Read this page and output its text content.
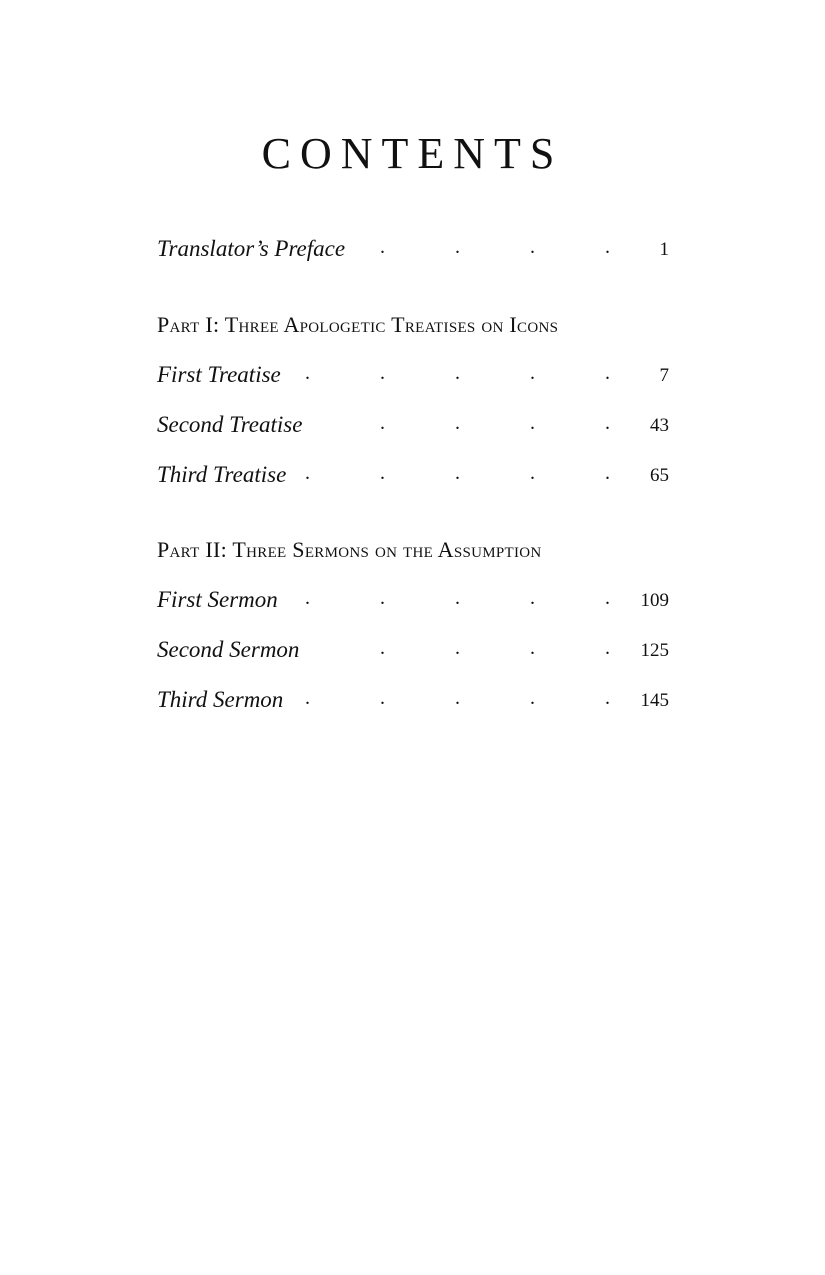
CONTENTS
Translator’s Preface .	.	.	.	1
Part I: Three Apologetic Treatises on Icons
First Treatise .	.	.	.	.	7
Second Treatise	.	.	.	. 43
Third Treatise .	.	.	.	. 65
Part II: Three Sermons on the Assumption
First Sermon .	.	.	.	. 109
Second Sermon	.	.	.	. 125
Third Sermon .	.	.	.	. 145
